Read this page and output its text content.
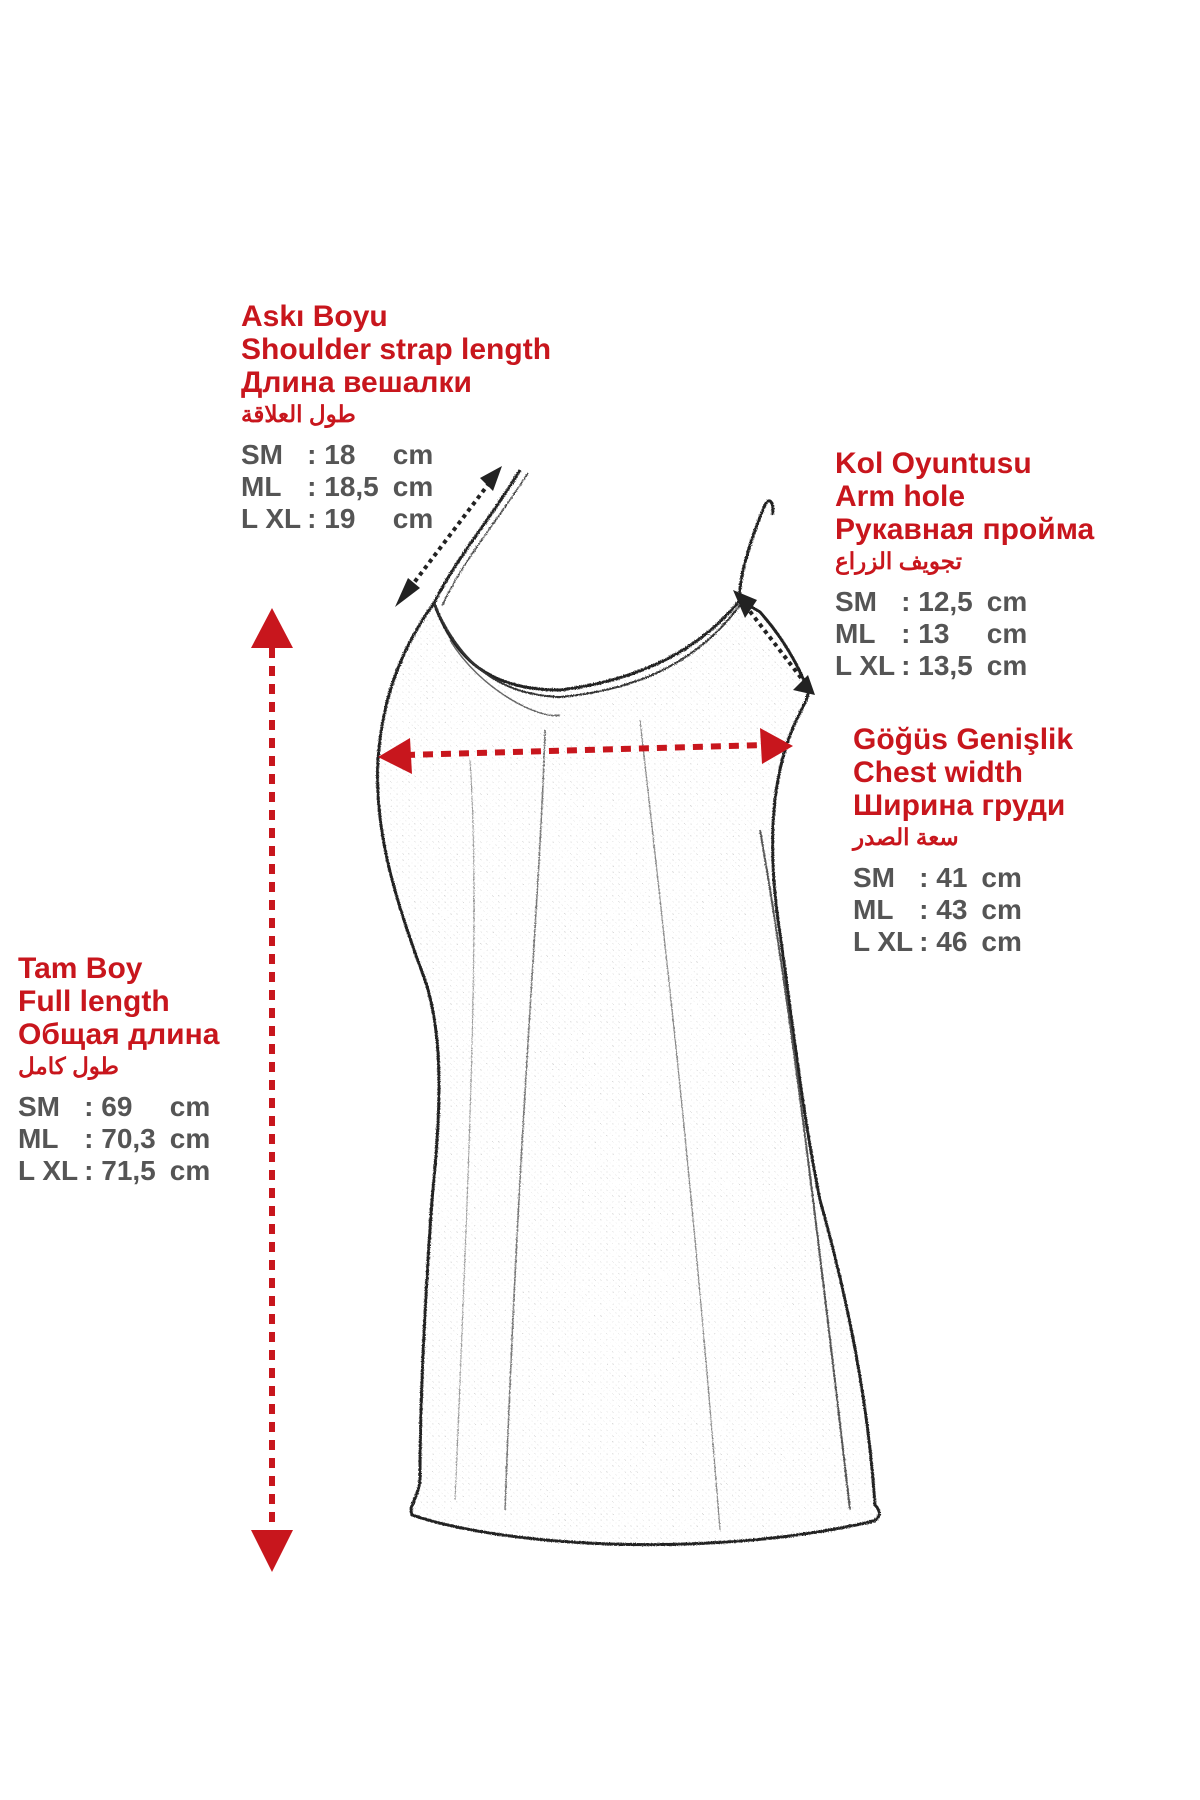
Askı Boyu
Shoulder strap length
Длина вешалки
طول العلاقة
SM	: 18	cm
ML	: 18,5	cm
L XL	: 19	cm
Kol Oyuntusu
Arm hole
Рукавная пройма
تجويف الزراع
SM	: 12,5	cm
ML	: 13	cm
L XL	: 13,5	cm
Göğüs Genişlik
Chest width
Ширина груди
سعة الصدر
SM	: 41	cm
ML	: 43	cm
L XL	: 46	cm
Tam Boy
Full length
Общая длина
طول كامل
SM	: 69	cm
ML	: 70,3	cm
L XL	: 71,5	cm
